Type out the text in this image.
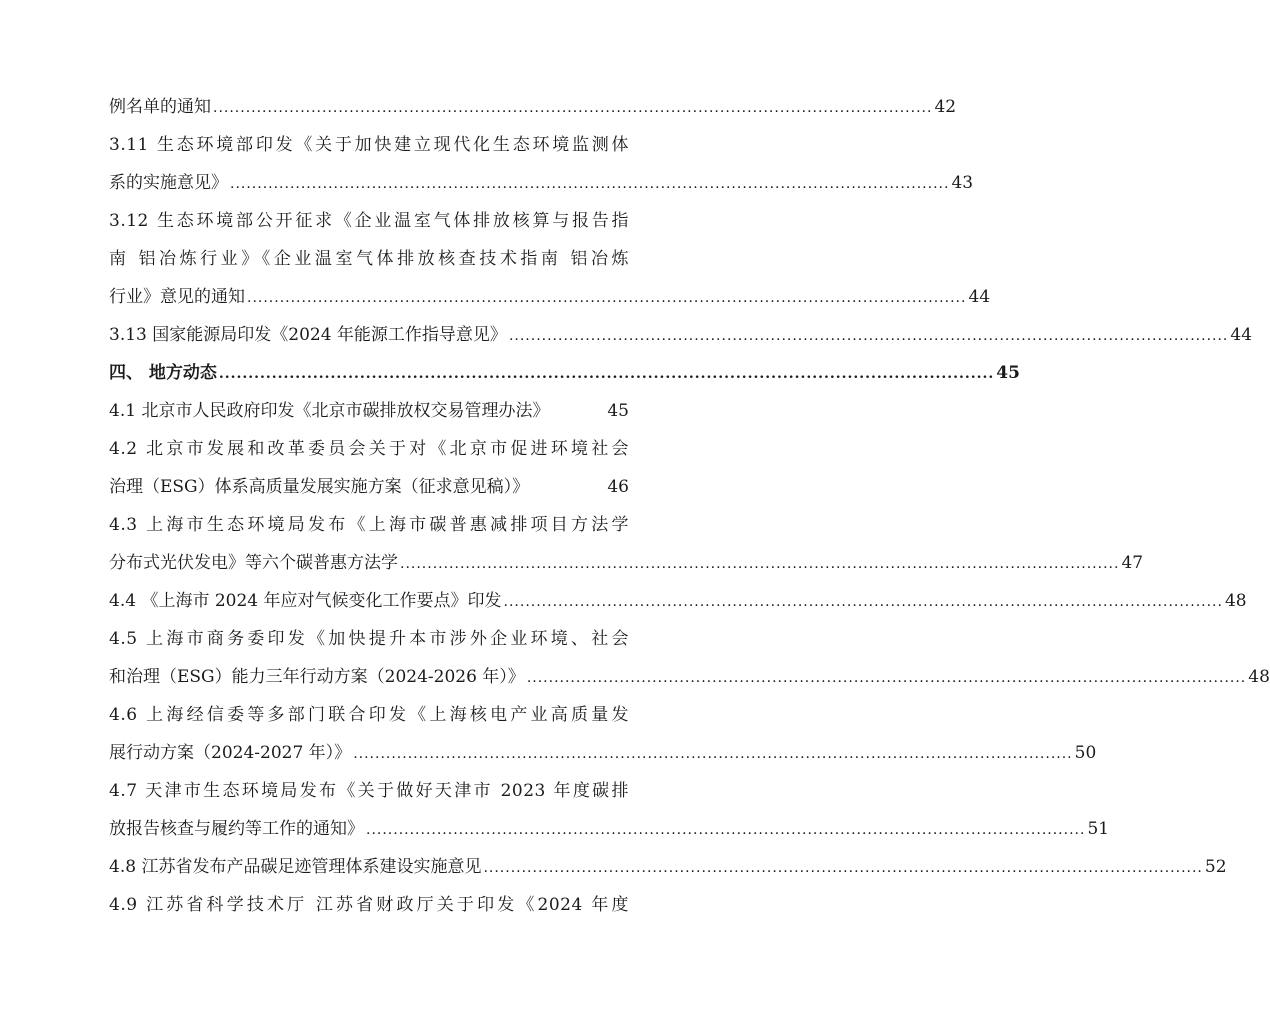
例名单的通知 .................................................................................................................................... 42
3.11 生态环境部印发《关于加快建立现代化生态环境监测体
系的实施意见》 .................................................................................................................................... 43
3.12 生态环境部公开征求《企业温室气体排放核算与报告指
南 铝冶炼行业》《企业温室气体排放核查技术指南 铝冶炼
行业》意见的通知 .................................................................................................................................... 44
3.13 国家能源局印发《2024 年能源工作指导意见》 .................................................................................................................................... 44
四、 地方动态 .................................................................................................................................... 45
4.1 北京市人民政府印发《北京市碳排放权交易管理办法》	45
4.2 北京市发展和改革委员会关于对《北京市促进环境社会
治理（ESG）体系高质量发展实施方案（征求意见稿）》	46
4.3 上海市生态环境局发布《上海市碳普惠减排项目方法学
分布式光伏发电》等六个碳普惠方法学 .................................................................................................................................... 47
4.4 《上海市 2024 年应对气候变化工作要点》印发 .................................................................................................................................... 48
4.5 上海市商务委印发《加快提升本市涉外企业环境、社会
和治理（ESG）能力三年行动方案（2024-2026 年）》 .................................................................................................................................... 48
4.6 上海经信委等多部门联合印发《上海核电产业高质量发
展行动方案（2024-2027 年）》 .................................................................................................................................... 50
4.7 天津市生态环境局发布《关于做好天津市 2023 年度碳排
放报告核查与履约等工作的通知》 .................................................................................................................................... 51
4.8 江苏省发布产品碳足迹管理体系建设实施意见 .................................................................................................................................... 52
4.9 江苏省科学技术厅 江苏省财政厅关于印发《2024 年度
